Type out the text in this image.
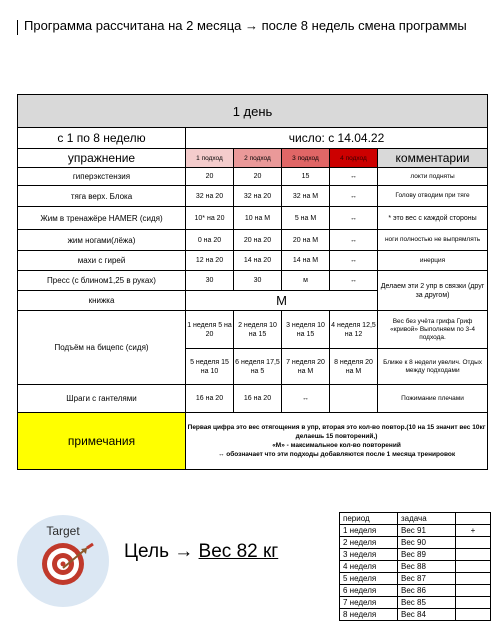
Программа рассчитана на 2 месяца → после 8 недель смена программы
1 день					
с 1 по 8 неделю	число: с 14.04.22				
упражнение	1 подход	2 подход	3 подход	4 подход	комментарии
гиперэкстензия	20	20	15	↔	локти подняты
тяга верх. Блока	32 на 20	32 на 20	32 на М	↔	Голову отводим при тяге
Жим в тренажёре HAMER (сидя)	10* на 20	10 на М	5 на М	↔	* это вес с каждой стороны
жим ногами(лёжа)	0 на 20	20 на 20	20 на М	↔	ноги полностью не выпрямлять
махи с гирей	12 на 20	14 на 20	14 на М	↔	инерция
Пресс (с блином1,25 в руках)	30	30	м	↔	Делаем эти 2 упр в связки (друг за другом)
книжка	М				
Подъём на бицепс (сидя)	1 неделя 5 на 20	2 неделя 10 на 15	3 неделя 10 на 15	4 неделя 12,5 на 12	Вес без учёта грифа Гриф «кривой» Выполняем по 3-4 подхода.
	5 неделя 15 на 10	6 неделя 17,5 на 5	7 неделя 20 на М	8 неделя 20 на М	Ближе к 8 недели увелич. Отдых между подходами
Шраги с гантелями	16 на 20	16 на 20	↔		Пожимание плечами
примечания	Первая цифра это вес отягощения в упр, вторая это кол-во повтор.(10 на 15 значит вес 10кг делаешь 15 повторений,)
«М» - максимальное кол-во повторений
↔ обозначает что эти подходы добавляются после 1 месяца тренировок				
Target
Цель → Вес 82 кг
период	задача	
1 неделя	Вес 91	+
2 неделя	Вес 90	
3 неделя	Вес 89	
4 неделя	Вес 88	
5 неделя	Вес 87	
6 неделя	Вес 86	
7 неделя	Вес 85	
8 неделя	Вес 84	
